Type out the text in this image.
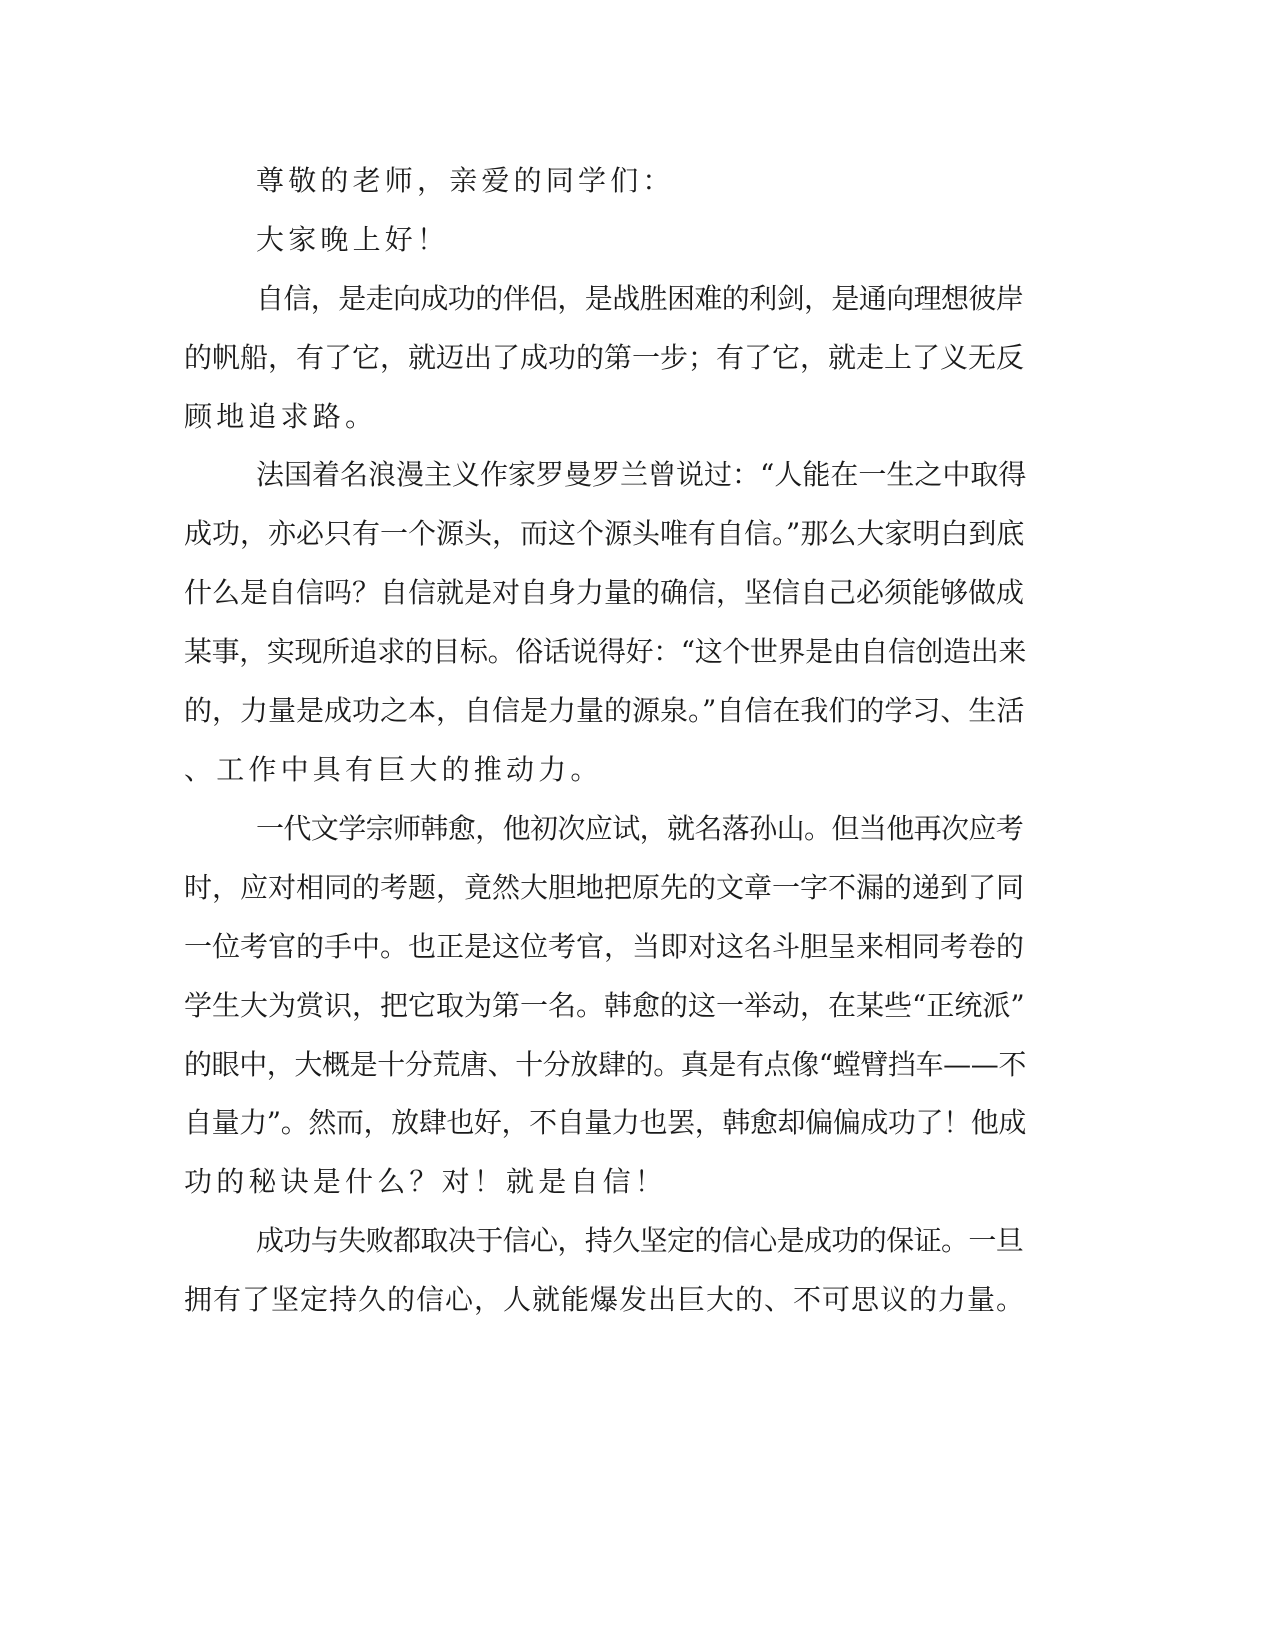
尊敬的老师，亲爱的同学们：

大家晚上好！

自信，是走向成功的伴侣，是战胜困难的利剑，是通向理想彼岸

的帆船，有了它，就迈出了成功的第一步；有了它，就走上了义无反

顾地追求路。

法国着名浪漫主义作家罗曼罗兰曾说过：“人能在一生之中取得

成功，亦必只有一个源头，而这个源头唯有自信。”那么大家明白到底

什么是自信吗？自信就是对自身力量的确信，坚信自己必须能够做成

某事，实现所追求的目标。俗话说得好：“这个世界是由自信创造出来

的，力量是成功之本，自信是力量的源泉。”自信在我们的学习、生活

、工作中具有巨大的推动力。

一代文学宗师韩愈，他初次应试，就名落孙山。但当他再次应考

时，应对相同的考题，竟然大胆地把原先的文章一字不漏的递到了同

一位考官的手中。也正是这位考官，当即对这名斗胆呈来相同考卷的

学生大为赏识，把它取为第一名。韩愈的这一举动，在某些“正统派”

的眼中，大概是十分荒唐、十分放肆的。真是有点像“螳臂挡车——不

自量力”。然而，放肆也好，不自量力也罢，韩愈却偏偏成功了！他成

功的秘诀是什么？对！就是自信！

成功与失败都取决于信心，持久坚定的信心是成功的保证。一旦

拥有了坚定持久的信心，人就能爆发出巨大的、不可思议的力量。
